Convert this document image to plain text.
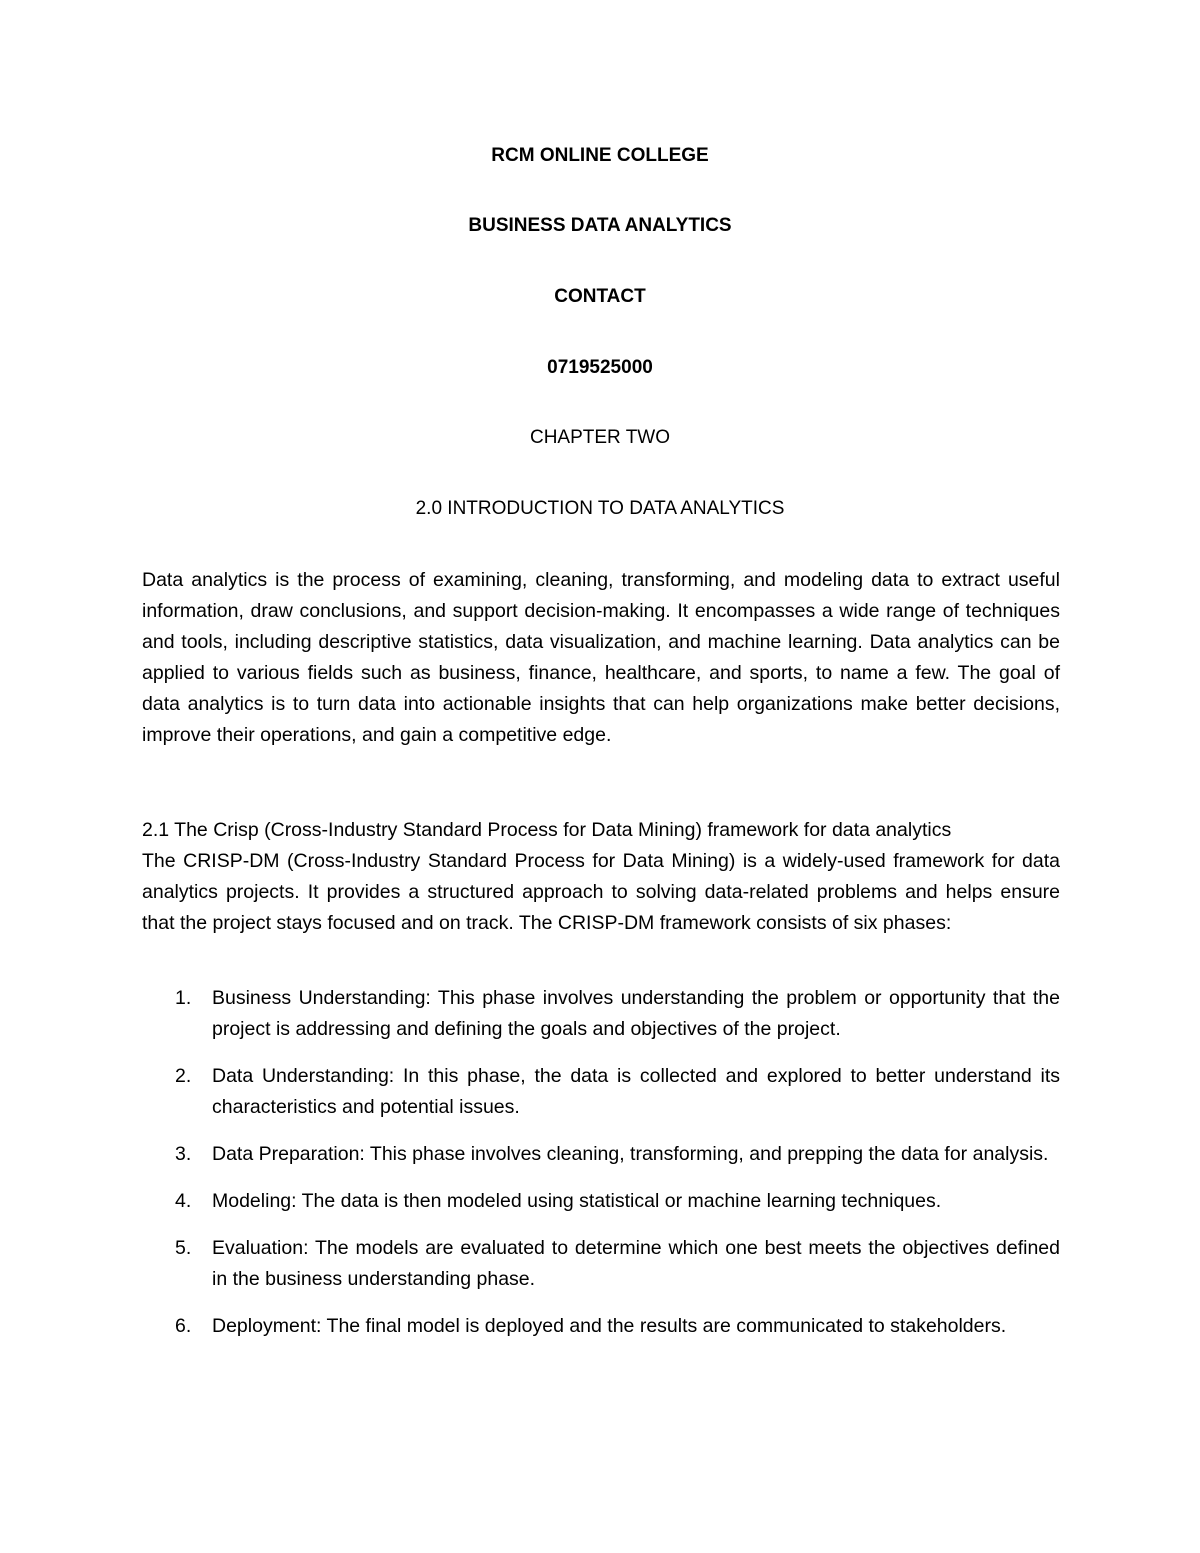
RCM ONLINE COLLEGE
BUSINESS DATA ANALYTICS
CONTACT
0719525000
CHAPTER TWO
2.0 INTRODUCTION TO DATA ANALYTICS
Data analytics is the process of examining, cleaning, transforming, and modeling data to extract useful information, draw conclusions, and support decision-making. It encompasses a wide range of techniques and tools, including descriptive statistics, data visualization, and machine learning. Data analytics can be applied to various fields such as business, finance, healthcare, and sports, to name a few. The goal of data analytics is to turn data into actionable insights that can help organizations make better decisions, improve their operations, and gain a competitive edge.
2.1 The Crisp (Cross-Industry Standard Process for Data Mining) framework for data analytics
The CRISP-DM (Cross-Industry Standard Process for Data Mining) is a widely-used framework for data analytics projects. It provides a structured approach to solving data-related problems and helps ensure that the project stays focused and on track. The CRISP-DM framework consists of six phases:
1. Business Understanding: This phase involves understanding the problem or opportunity that the project is addressing and defining the goals and objectives of the project.
2. Data Understanding: In this phase, the data is collected and explored to better understand its characteristics and potential issues.
3. Data Preparation: This phase involves cleaning, transforming, and prepping the data for analysis.
4. Modeling: The data is then modeled using statistical or machine learning techniques.
5. Evaluation: The models are evaluated to determine which one best meets the objectives defined in the business understanding phase.
6. Deployment: The final model is deployed and the results are communicated to stakeholders.
